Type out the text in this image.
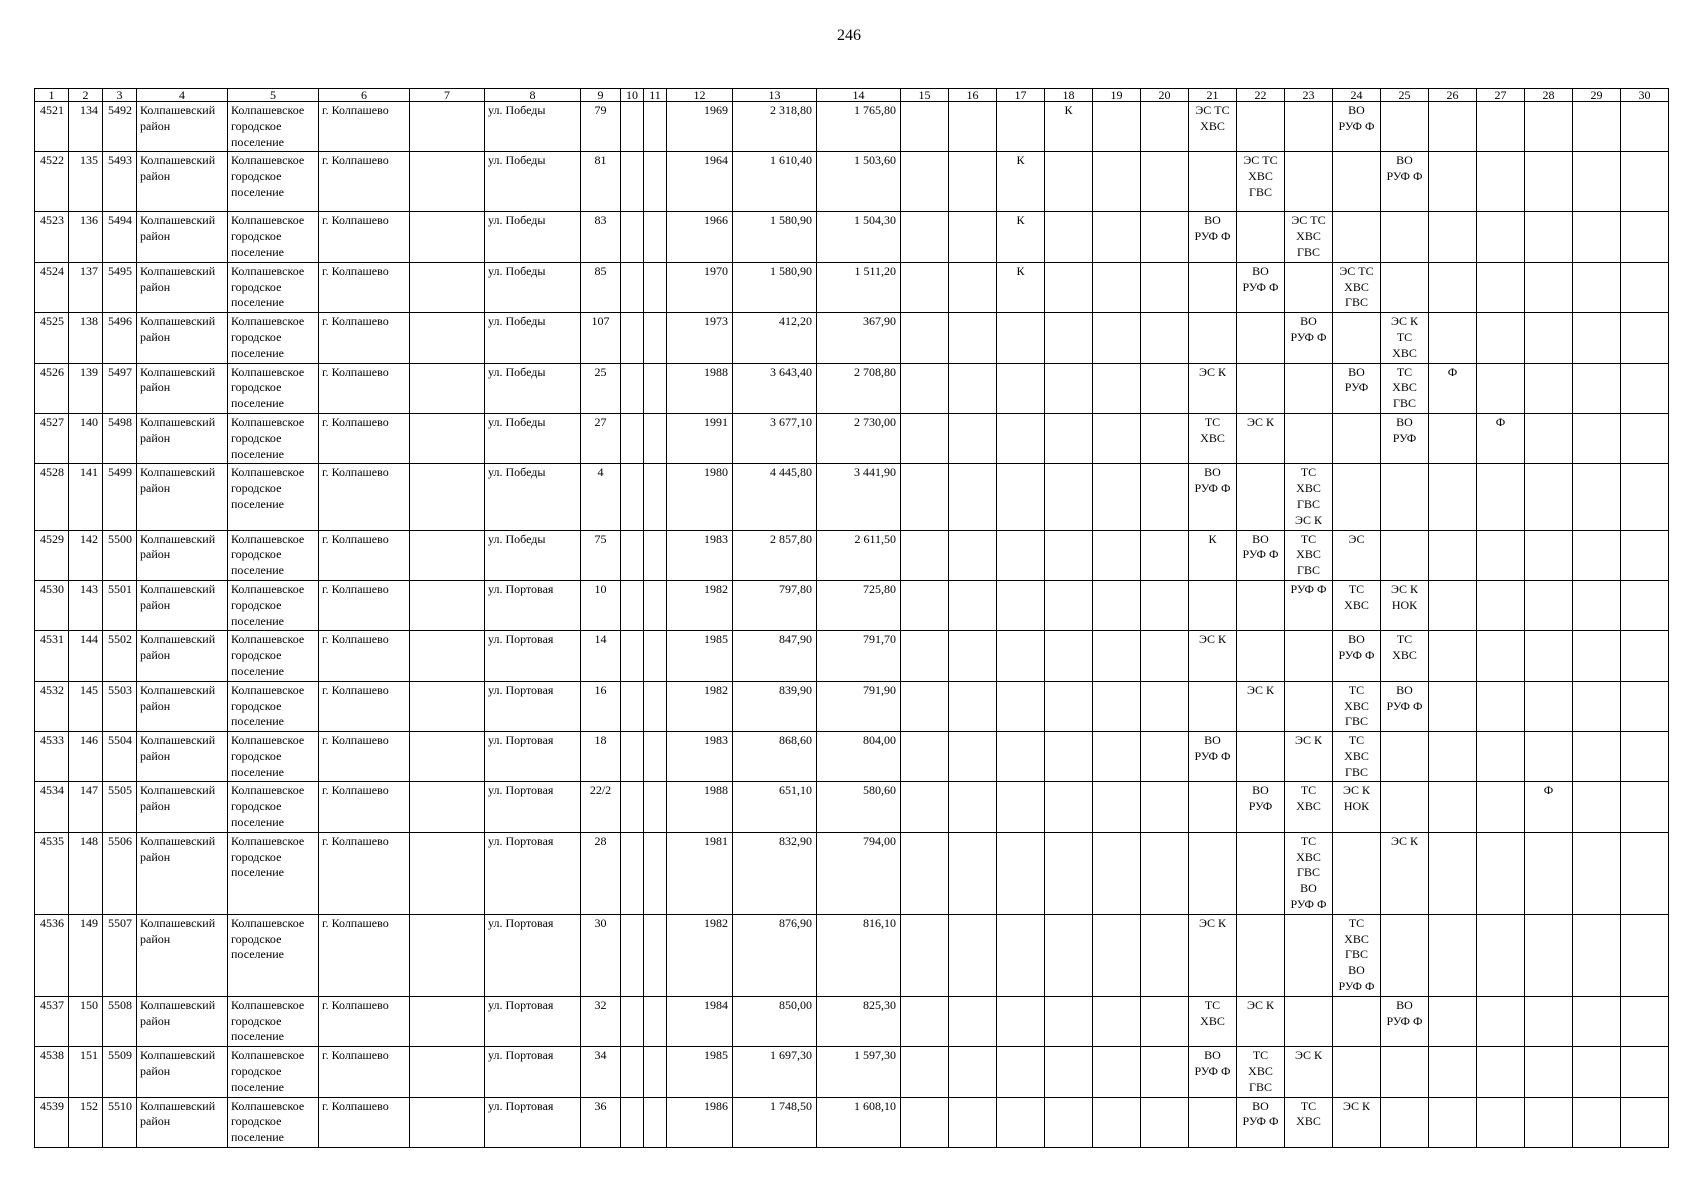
246
1	2	3	4	5	6	7	8	9	10	11	12	13	14	15	16	17	18	19	20	21	22	23	24	25	26	27	28	29	30
4521	134	5492	Колпашевский район	Колпашевское городское поселение	г. Колпашево		ул. Победы	79			1969	2 318,80	1 765,80				К			ЭС ТС
ХВС			ВО
РУФ Ф						
4522	135	5493	Колпашевский район	Колпашевское городское поселение	г. Колпашево		ул. Победы	81			1964	1 610,40	1 503,60			К					ЭС ТС
ХВС
ГВС			ВО
РУФ Ф					
4523	136	5494	Колпашевский район	Колпашевское городское поселение	г. Колпашево		ул. Победы	83			1966	1 580,90	1 504,30			К				ВО
РУФ Ф		ЭС ТС
ХВС
ГВС							
4524	137	5495	Колпашевский район	Колпашевское городское поселение	г. Колпашево		ул. Победы	85			1970	1 580,90	1 511,20			К					ВО
РУФ Ф		ЭС ТС
ХВС
ГВС						
4525	138	5496	Колпашевский район	Колпашевское городское поселение	г. Колпашево		ул. Победы	107			1973	412,20	367,90									ВО
РУФ Ф		ЭС К
ТС
ХВС					
4526	139	5497	Колпашевский район	Колпашевское городское поселение	г. Колпашево		ул. Победы	25			1988	3 643,40	2 708,80							ЭС К			ВО
РУФ	ТС
ХВС
ГВС	Ф				
4527	140	5498	Колпашевский район	Колпашевское городское поселение	г. Колпашево		ул. Победы	27			1991	3 677,10	2 730,00							ТС
ХВС	ЭС К			ВО
РУФ		Ф			
4528	141	5499	Колпашевский район	Колпашевское городское поселение	г. Колпашево		ул. Победы	4			1980	4 445,80	3 441,90							ВО
РУФ Ф		ТС
ХВС
ГВС
ЭС К							
4529	142	5500	Колпашевский район	Колпашевское городское поселение	г. Колпашево		ул. Победы	75			1983	2 857,80	2 611,50							К	ВО
РУФ Ф	ТС
ХВС
ГВС	ЭС						
4530	143	5501	Колпашевский район	Колпашевское городское поселение	г. Колпашево		ул. Портовая	10			1982	797,80	725,80									РУФ Ф	ТС
ХВС	ЭС К
НОК					
4531	144	5502	Колпашевский район	Колпашевское городское поселение	г. Колпашево		ул. Портовая	14			1985	847,90	791,70							ЭС К			ВО
РУФ Ф	ТС
ХВС					
4532	145	5503	Колпашевский район	Колпашевское городское поселение	г. Колпашево		ул. Портовая	16			1982	839,90	791,90								ЭС К		ТС
ХВС
ГВС	ВО
РУФ Ф					
4533	146	5504	Колпашевский район	Колпашевское городское поселение	г. Колпашево		ул. Портовая	18			1983	868,60	804,00							ВО
РУФ Ф		ЭС К	ТС
ХВС
ГВС						
4534	147	5505	Колпашевский район	Колпашевское городское поселение	г. Колпашево		ул. Портовая	22/2			1988	651,10	580,60								ВО
РУФ	ТС
ХВС	ЭС К
НОК				Ф		
4535	148	5506	Колпашевский район	Колпашевское городское поселение	г. Колпашево		ул. Портовая	28			1981	832,90	794,00									ТС
ХВС
ГВС
ВО
РУФ Ф		ЭС К					
4536	149	5507	Колпашевский район	Колпашевское городское поселение	г. Колпашево		ул. Портовая	30			1982	876,90	816,10							ЭС К			ТС
ХВС
ГВС
ВО
РУФ Ф						
4537	150	5508	Колпашевский район	Колпашевское городское поселение	г. Колпашево		ул. Портовая	32			1984	850,00	825,30							ТС
ХВС	ЭС К			ВО
РУФ Ф					
4538	151	5509	Колпашевский район	Колпашевское городское поселение	г. Колпашево		ул. Портовая	34			1985	1 697,30	1 597,30							ВО
РУФ Ф	ТС
ХВС
ГВС	ЭС К							
4539	152	5510	Колпашевский район	Колпашевское городское поселение	г. Колпашево		ул. Портовая	36			1986	1 748,50	1 608,10								ВО
РУФ Ф	ТС
ХВС	ЭС К						
